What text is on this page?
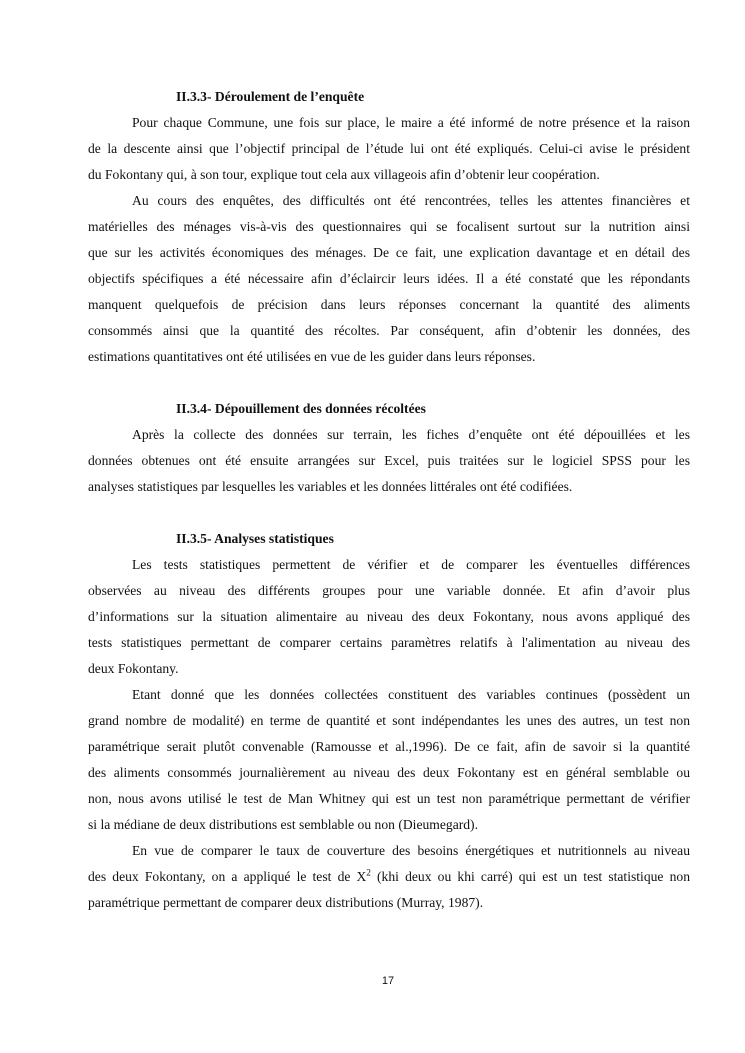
II.3.3- Déroulement de l’enquête
Pour chaque Commune, une fois sur place, le maire a été informé de notre présence et la raison
de la descente ainsi que l’objectif principal de l’étude lui ont été expliqués. Celui-ci avise le président
du Fokontany qui, à son tour, explique tout cela aux villageois afin d’obtenir leur coopération.
Au cours des enquêtes, des difficultés ont été rencontrées, telles les attentes financières et
matérielles des ménages vis-à-vis des questionnaires qui se focalisent surtout sur la nutrition ainsi
que sur les activités économiques des ménages. De ce fait, une explication davantage et en détail des
objectifs spécifiques a été nécessaire afin d’éclaircir leurs idées. Il a été constaté que les répondants
manquent quelquefois de précision dans leurs réponses concernant la quantité des aliments
consommés ainsi que la quantité des récoltes. Par conséquent, afin d’obtenir les données, des
estimations quantitatives ont été utilisées en vue de les guider dans leurs réponses.
II.3.4- Dépouillement des données récoltées
Après la collecte des données sur terrain, les fiches d’enquête ont été dépouillées et les
données obtenues ont été ensuite arrangées sur Excel, puis traitées sur le logiciel SPSS pour les
analyses statistiques par lesquelles les variables et les données littérales ont été codifiées.
II.3.5- Analyses statistiques
Les tests statistiques permettent de vérifier et de comparer les éventuelles différences
observées au niveau des différents groupes pour une variable donnée. Et afin d’avoir plus
d’informations sur la situation alimentaire au niveau des deux Fokontany, nous avons appliqué des
tests statistiques permettant de comparer certains paramètres relatifs à l'alimentation au niveau des
deux Fokontany.
Etant donné que les données collectées constituent des variables continues (possèdent un
grand nombre de modalité) en terme de quantité et sont indépendantes les unes des autres, un test non
paramétrique serait plutôt convenable (Ramousse et al.,1996). De ce fait, afin de savoir si la quantité
des aliments consommés journalièrement au niveau des deux Fokontany est en général semblable ou
non, nous avons utilisé le test de Man Whitney qui est un test non paramétrique permettant de vérifier
si la médiane de deux distributions est semblable ou non (Dieumegard).
En vue de comparer le taux de couverture des besoins énergétiques et nutritionnels au niveau
des deux Fokontany, on a appliqué le test de $X^2$ (khi deux ou khi carré) qui est un test statistique non
paramétrique permettant de comparer deux distributions (Murray, 1987).
17
